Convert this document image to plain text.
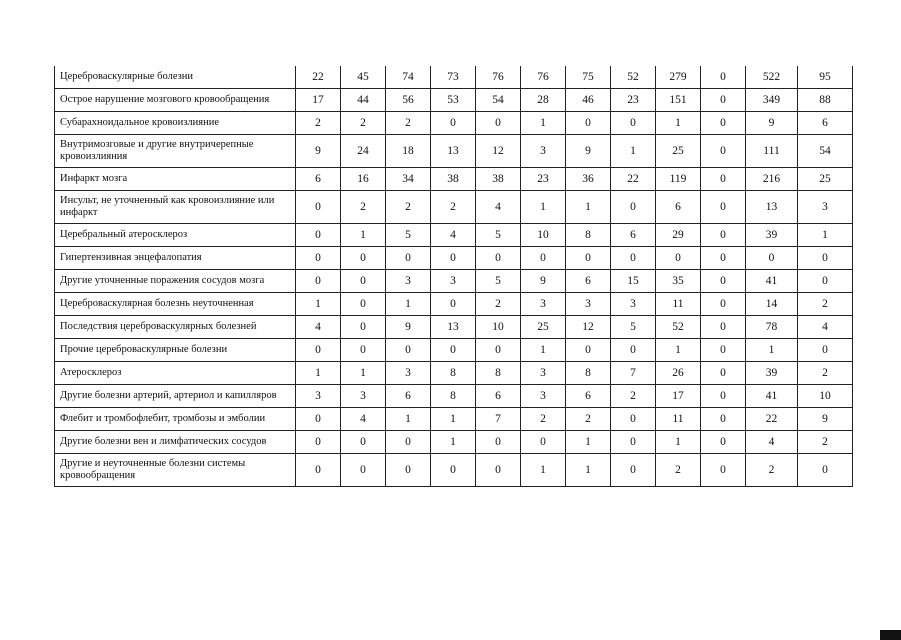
Цереброваскулярные болезни	22	45	74	73	76	76	75	52	279	0	522	95
Острое нарушение мозгового кровообращения	17	44	56	53	54	28	46	23	151	0	349	88
Субарахноидальное кровоизлияние	2	2	2	0	0	1	0	0	1	0	9	6
Внутримозговые и другие внутричерепные кровоизлияния	9	24	18	13	12	3	9	1	25	0	111	54
Инфаркт мозга	6	16	34	38	38	23	36	22	119	0	216	25
Инсульт, не уточненный как кровоизлияние или инфаркт	0	2	2	2	4	1	1	0	6	0	13	3
Церебральный атеросклероз	0	1	5	4	5	10	8	6	29	0	39	1
Гипертензивная энцефалопатия	0	0	0	0	0	0	0	0	0	0	0	0
Другие уточненные поражения сосудов мозга	0	0	3	3	5	9	6	15	35	0	41	0
Цереброваскулярная болезнь неуточненная	1	0	1	0	2	3	3	3	11	0	14	2
Последствия цереброваскулярных болезней	4	0	9	13	10	25	12	5	52	0	78	4
Прочие цереброваскулярные болезни	0	0	0	0	0	1	0	0	1	0	1	0
Атеросклероз	1	1	3	8	8	3	8	7	26	0	39	2
Другие болезни артерий, артериол и капилляров	3	3	6	8	6	3	6	2	17	0	41	10
Флебит и тромбофлебит, тромбозы и эмболии	0	4	1	1	7	2	2	0	11	0	22	9
Другие болезни вен и лимфатических сосудов	0	0	0	1	0	0	1	0	1	0	4	2
Другие и неуточненные болезни системы кровообращения	0	0	0	0	0	1	1	0	2	0	2	0
